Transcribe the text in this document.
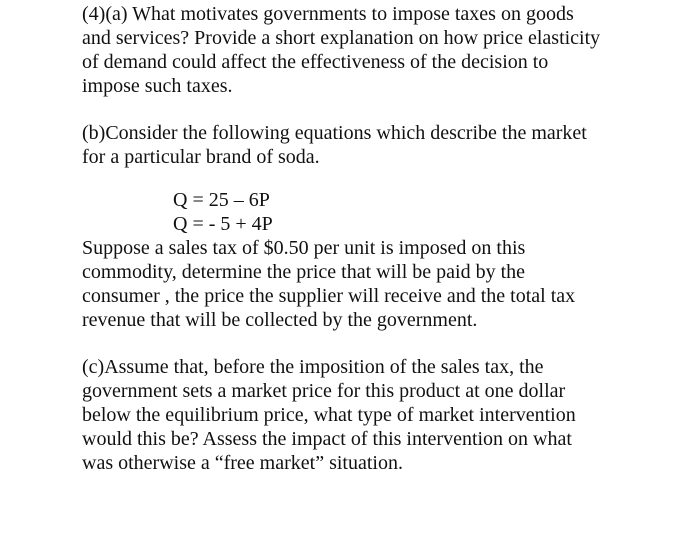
(4)(a) What motivates governments to impose taxes on goods
and services? Provide a short explanation on how price elasticity
of demand could affect the effectiveness of the decision to
impose such taxes.
(b)Consider the following equations which describe the market
for a particular brand of soda.
Q = 25 – 6P
Q = - 5 + 4P
Suppose a sales tax of $0.50 per unit is imposed on this
commodity, determine the price that will be paid by the
consumer , the price the supplier will receive and the total tax
revenue that will be collected by the government.
(c)Assume that, before the imposition of the sales tax, the
government sets a market price for this product at one dollar
below the equilibrium price, what type of market intervention
would this be? Assess the impact of this intervention on what
was otherwise a “free market” situation.
